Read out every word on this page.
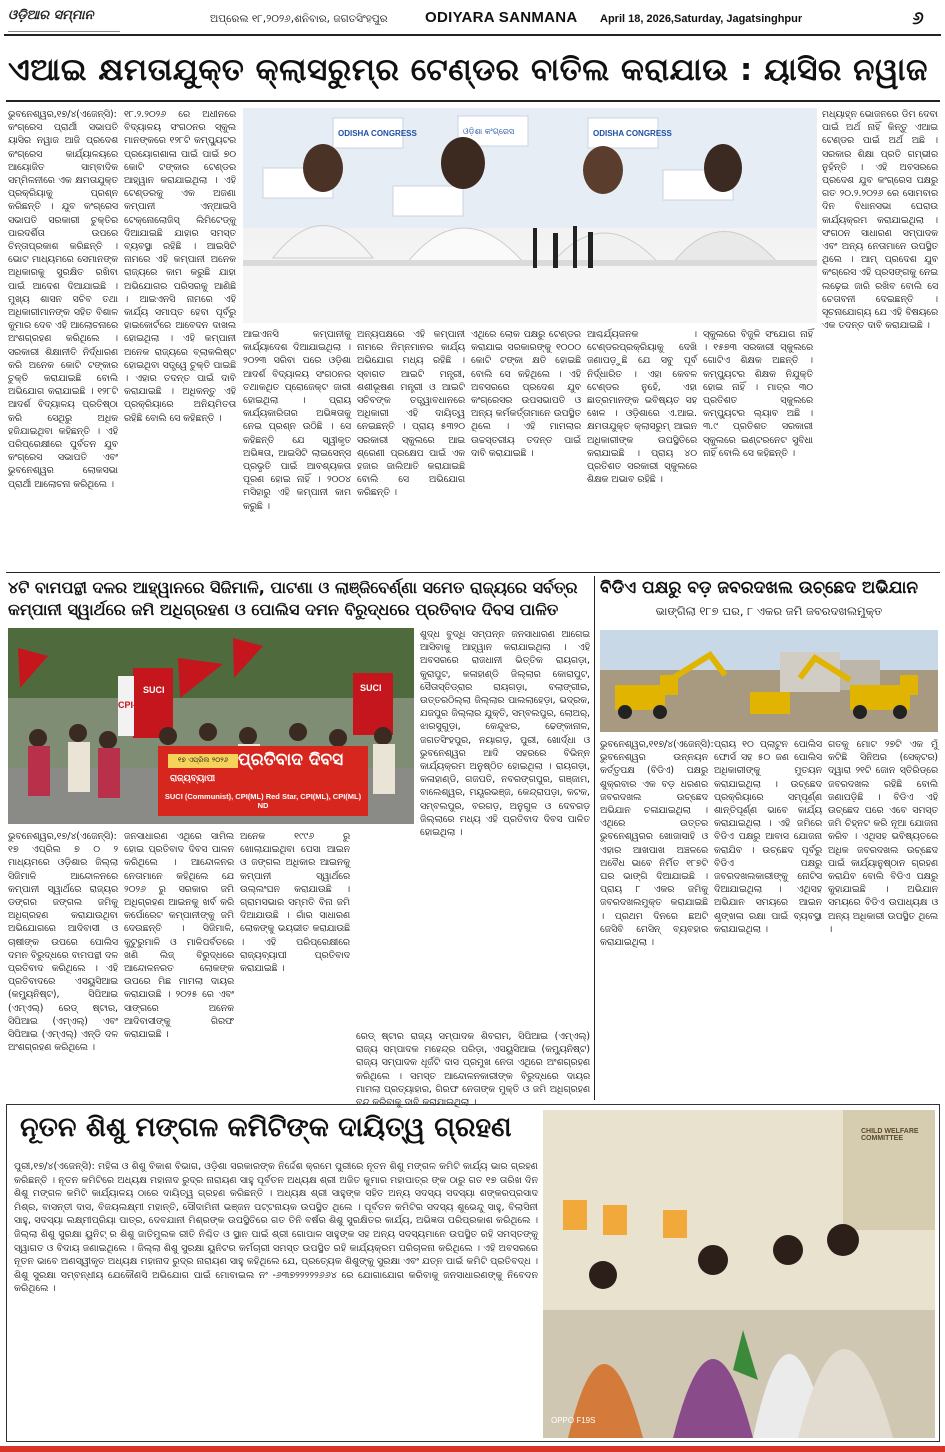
ଓଡ଼ିଆର ସମ୍ମାନ	ଅପ୍ରେଲ ୧୮,୨୦୨୬,ଶନିବାର, ଜଗତସିଂହପୁର	ODIYARA SANMANA	April 18, 2026,Saturday, Jagatsinghpur	୬
ଏଆଇ କ୍ଷମତାଯୁକ୍ତ କ୍ଲାସରୁମ୍‌ର ଟେଣ୍ଡର ବାତିଲ କରାଯାଉ : ୟାସିର ନୱାଜ

ଭୁବନେଶ୍ୱର,୧୭/୪(ଏଜେନ୍ସି): କଂଗ୍ରେସ ପ୍ରାର୍ଥୀ ସଭାପତି ୟାସିର ନୱାଜ ଆଜି ପ୍ରଦେଶ କଂଗ୍ରେସ କାର୍ଯ୍ୟାଳୟରେ ଆୟୋଜିତ ସାମ୍ବାଦିକ ସମ୍ମିଳନୀରେ ଏକ କ୍ଷମତାଯୁକ୍ତ ପ୍ରକ୍ରିୟାକୁ ପ୍ରଶ୍ନ କରିଛନ୍ତି । ଯୁବ କଂଗ୍ରେସ ସଭାପତି ସରକାରୀ ଚୁକ୍ତିର ପାରଦର୍ଶିତା ଉପରେ ଚିନ୍ତାପ୍ରକାଶ କରିଛନ୍ତି । ଭୋଟ ମାଧ୍ୟମରେ ସେମାନଙ୍କ ଅଧିକାରକୁ ସୁରକ୍ଷିତ ରଖିବା ପାଇଁ ଆଦେଶ ଦିଆଯାଇଛି । ମୁଖ୍ୟ ଶାସନ ସଚିବ ତଥା ଅଧିକାରୀମାନଙ୍କ ସହିତ ବିଶାଳ କୁମାର ଦେବ ଏହି ଆଲୋଚନାରେ ଅଂଶଗ୍ରହଣ କରିଥିଲେ । ସରକାରୀ ଶିକ୍ଷାନୀତି ନିର୍ଦ୍ଧାରଣ କରି ଅନେକ କୋଟି ଟଙ୍କାର ଚୁକ୍ତି କରାଯାଇଛି ବୋଲି ଅଭିଯୋଗ କରାଯାଇଛି । ୧୨୮ଟି ଆଦର୍ଶ ବିଦ୍ୟାଳୟ ପ୍ରତିଷ୍ଠା କରି ସେଥିରୁ ଅଧିକ ହଜିଯାଇଥିବା କହିଛନ୍ତି । ଏହି ପରିପ୍ରେକ୍ଷୀରେ ପୁର୍ବତନ ଯୁବ କଂଗ୍ରେସ ସଭାପତି ଏବଂ ଭୁବନେଶ୍ୱର ଲୋକସଭା ପ୍ରାର୍ଥୀ ଆଲୋଚନା କରିଥିଲେ ।

୧୮.୨.୨୦୨୬ ରେ ଅଧୀନରେ ବିଦ୍ୟାଳୟ ସଂଗଠନର ସ୍କୁଲ ମାନଙ୍କରେ ୧୨୮ଟି କମ୍ପ୍ୟୁଟର ପ୍ରୟୋଗଶାଳା ପାଇଁ ପାଇଁ ୭୦ କୋଟି ଟଙ୍କାର ଟେଣ୍ଡର ଆହ୍ୱାନ କରାଯାଇଥିଲା । ଏହି ଟେଣ୍ଡରକୁ ଏକ ଅଜଣା କମ୍ପାନୀ ଏନ୍‌ଆଇସି ଟେକ୍ନୋଲୋଜିସ୍ ଲିମିଟେଡ୍‌କୁ ଦିଆଯାଇଛି ଯାହାର ସମସ୍ତ ବ୍ୟବସ୍ଥା ରହିଛି । ଆଇସିଟି ନାମରେ ଏହି କମ୍ପାନୀ ଅନେକ ରାଜ୍ୟରେ କାମ କରୁଛି ଯାହା ଅଭିଯୋଗର ପରିସରକୁ ଆଣିଛି । ଆଇଏନସି ନାମରେ ଏହି କାର୍ଯ୍ୟ ସମାପ୍ତ ହେବା ପୂର୍ବରୁ ହାଇକୋର୍ଟରେ ଆବେଦନ ଦାଖଲ ହୋଇଥିଲା । ଏହି କମ୍ପାନୀ ଅନେକ ରାଜ୍ୟରେ ବ୍ଲାକଲିଷ୍ଟ ହୋଇଥିବା ସତ୍ତ୍ୱେ ଚୁକ୍ତି ପାଇଛି । ଏହାର ତଦନ୍ତ ପାଇଁ ଦାବି କରାଯାଇଛି । ଅଧିକନ୍ତୁ ଏହି ପ୍ରକ୍ରିୟାରେ ଅନିୟମିତତା ରହିଛି ବୋଲି ସେ କହିଛନ୍ତି ।

ODISHA CONGRESS	ଓଡ଼ିଶା କଂଗ୍ରେସ	ODISHA CONGRESS

ଆଇଏନସି କମ୍ପାନୀକୁ କାର୍ଯ୍ୟାଦେଶ ଦିଆଯାଇଥିଲା । ୨୦୨୩ ସରିବା ପରେ ଓଡ଼ିଶା ଆଦର୍ଶ ବିଦ୍ୟାଳୟ ସଂଗଠନର ତଥାକଥିତ ପ୍ରୋଜେକ୍ଟ ଜାରୀ ହୋଇଥିଲା । ପ୍ରାୟ କାର୍ଯ୍ୟକାରିତାର ଅଭିଜ୍ଞତାକୁ ନେଇ ପ୍ରଶ୍ନ ଉଠିଛି । ସେ କହିଛନ୍ତି ଯେ ସ୍ୱୀକୃତ ଅଭିଜ୍ଞତା, ଆଇସିଟି ଲାଇସେନ୍ସ ପ୍ରଭୃତି ପାଇଁ ଆବଶ୍ୟକତା ପୂରଣ ହୋଇ ନାହିଁ । ୨୦୦୪ ମସିହାରୁ ଏହି କମ୍ପାନୀ କାମ କରୁଛି ।

ଅନ୍ୟପକ୍ଷରେ ଏହି କମ୍ପାନୀ ନାମରେ ନିମ୍ନମାନର କାର୍ଯ୍ୟ ଅଭିଯୋଗ ମଧ୍ୟ ରହିଛି । ସ୍ବାଗତ ଆଇଟି ମନ୍ତ୍ରୀ, ଶଶୀଭୂଷଣ ମନ୍ତ୍ରୀ ଓ ଆଇଟି ସଚିବଙ୍କ ତତ୍ତ୍ୱାବଧାନରେ ଅଧିକାରୀ ଏହି ଦାୟିତ୍ୱ ନେଇଛନ୍ତି । ପ୍ରାୟ ୫୩୨୦ ସରକାରୀ ସ୍କୁଲରେ ଆଇ ଶ୍ରେଣୀ ପ୍ରକ୍ଷେପ ପାଇଁ ଏକ ହଜାର ଜାଲିଆତି କରାଯାଇଛି ବୋଲି ସେ ଅଭିଯୋଗ କରିଛନ୍ତି ।

ଏଥିରେ ଲୋକ ପକ୍ଷରୁ ଟେଣ୍ଡର କରାଯାଇ ସରକାରଙ୍କୁ ୧୦୦୦ କୋଟି ଟଙ୍କା କ୍ଷତି ହୋଇଛି ବୋଲି ସେ କହିଥିଲେ । ଏହି ଅବସରରେ ପ୍ରଦେଶ ଯୁବ କଂଗ୍ରେସର ଉପସଭାପତି ଓ ଅନ୍ୟ କର୍ମକର୍ତ୍ତାମାନେ ଉପସ୍ଥିତ ଥିଲେ । ଏହି ମାମଲାର ଉଚ୍ଚସ୍ତରୀୟ ତଦନ୍ତ ପାଇଁ ଦାବି କରାଯାଇଛି ।

ଆଶ୍ଚର୍ଯ୍ୟଜନକ । ଟେଣ୍ଡରପ୍ରକ୍ରିୟାକୁ ଦେଖି ଜଣାପଡ଼ୁଛି ଯେ ସବୁ ପୂର୍ବ ନିର୍ଦ୍ଧାରିତ । ଏହା କେବଳ ଟେଣ୍ଡର ନୁହେଁ, ଏହା ଛାତ୍ରମାନଙ୍କ ଭବିଷ୍ୟତ ସହ ଖେଳ । ଓଡ଼ିଶାରେ ଏ.ଆଇ. କ୍ଷମତାଯୁକ୍ତ କ୍ଲାସରୁମ୍ ଆଇନ ଅଧିକାରୀଙ୍କ ଉପସ୍ଥିତିରେ କରାଯାଇଛି । ପ୍ରାୟ ୪୦ ପ୍ରତିଶତ ସରକାରୀ ସ୍କୁଲରେ ଶିକ୍ଷକ ଅଭାବ ରହିଛି ।

ସ୍କୁଲରେ ବିଜୁଳି ସଂଯୋଗ ନାହିଁ । ୧୫୭୩ ସରକାରୀ ସ୍କୁଲରେ ଗୋଟିଏ ଶିକ୍ଷକ ଅଛନ୍ତି । କମ୍ପ୍ୟୁଟର ଶିକ୍ଷକ ନିଯୁକ୍ତି ହୋଇ ନାହିଁ । ମାତ୍ର ୩୦ ପ୍ରତିଶତ ସ୍କୁଲରେ କମ୍ପ୍ୟୁଟର ଲ୍ୟାବ ଅଛି । ୩.୯ ପ୍ରତିଶତ ସରକାରୀ ସ୍କୁଲରେ ଇଣ୍ଟରନେଟ ସୁବିଧା ନାହିଁ ବୋଲି ସେ କହିଛନ୍ତି ।

ମଧ୍ୟାହ୍ନ ଭୋଜନରେ ଡିମ ଦେବା ପାଇଁ ଅର୍ଥ ନାହିଁ କିନ୍ତୁ ଏଆଇ ଟେଣ୍ଡର ପାଇଁ ଅର୍ଥ ଅଛି । ସରକାର ଶିକ୍ଷା ପ୍ରତି ଗମ୍ଭୀର ନୁହଁନ୍ତି । ଏହି ଅବସରରେ ପ୍ରଦେଶ ଯୁବ କଂଗ୍ରେସ ପକ୍ଷରୁ ଗତ ୨୦.୨.୨୦୨୬ ରେ ସୋମବାର ଦିନ ବିଧାନସଭା ଘେରାଉ କାର୍ଯ୍ୟକ୍ରମ କରାଯାଇଥିଲା । ସଂଗଠନ ସାଧାରଣ ସମ୍ପାଦକ ଏବଂ ଅନ୍ୟ ନେତାମାନେ ଉପସ୍ଥିତ ଥିଲେ । ଆମ୍ ପ୍ରଦେଶ ଯୁବ କଂଗ୍ରେସ ଏହି ପ୍ରସଙ୍ଗକୁ ନେଇ ଲଢ଼େଇ ଜାରି ରଖିବ ବୋଲି ସେ ଚେତାବନୀ ଦେଇଛନ୍ତି । ସୂଚନାଯୋଗ୍ୟ ଯେ ଏହି ବିଷୟରେ ଏକ ତଦନ୍ତ ଦାବି କରାଯାଇଛି ।

୪ଟି ବାମପନ୍ଥୀ ଦଳର ଆହ୍ୱାନରେ ସିଜିମାଳି, ପାଟଣା ଓ ଲାଞ୍ଜିବେର୍ଣ୍ଣା ସମେତ ରାଜ୍ୟରେ ସର୍ବତ୍ର
କମ୍ପାନୀ ସ୍ୱାର୍ଥରେ ଜମି ଅଧିଗ୍ରହଣ ଓ ପୋଲିସ ଦମନ ବିରୁଦ୍ଧରେ ପ୍ରତିବାଦ ଦିବସ ପାଳିତ
SUCI
CPI-ML
SUCI
୧୭ ଏପ୍ରିଲ ୨୦୨୬ ପ୍ରତିବାଦ ଦିବସ
ରାଜ୍ୟବ୍ୟାପୀ
SUCI (Communist), CPI(ML) Red Star, CPI(ML), CPI(ML) ND

ଶୁଦ୍ଧ ବୁଦ୍ଧି ସମ୍ପନ୍ନ ଜନସାଧାରଣ ଆଗେଇ ଆସିବାକୁ ଆହ୍ୱାନ କରାଯାଇଥିଲା । ଏହି ଅବସରରେ ରାଜଧାନୀ ଭିତ୍ତିକ ରାୟଗଡ଼ା, କୁରାପୁଟ, କଳାହାଣ୍ଡି ଜିଲ୍ଲାର କୋରାପୁଟ, ସୈତାସ୍ତିଡ୍ରାର ରାୟଗଡ଼ା, ବଲାଙ୍ଗୀର, ଉତ୍ତରଠିଲ୍ଲା ଜିଲ୍ଲାର ପାଲଲାହେଡ଼ା, ଭଦ୍ରକ, ଯଜପୁର ଜିଲ୍ଲାର ଯୁକ୍ତି, ସମ୍ବଲପୁର, ଲୋଅର୍, ଝାରସୁଗୁଡ଼ା, କେନ୍ଦୁଝର, ଢେଙ୍କାନାଳ, ଜଗତସିଂହପୁର, ନୟାଗଡ଼, ପୁରୀ, ଖୋର୍ଦ୍ଧା ଓ ଭୁବନେଶ୍ୱର ଆଦି ସହରରେ ବିଭିନ୍ନ କାର୍ଯ୍ୟକ୍ରମ ଅନୁଷ୍ଠିତ ହୋଇଥିଲା । ରାୟଗଡ଼ା, କଳାହାଣ୍ଡି, ଗଜପତି, ନବରଙ୍ଗପୁର, ଗଞ୍ଜାମ, ବାଲେଶ୍ୱର, ମୟୂରଭଞ୍ଜ, କେନ୍ଦ୍ରାପଡ଼ା, କଟକ, ସମ୍ବଲପୁର, ବରଗଡ଼, ଅନୁଗୁଳ ଓ ଦେବଗଡ଼ ଜିଲ୍ଲାରେ ମଧ୍ୟ ଏହି ପ୍ରତିବାଦ ଦିବସ ପାଳିତ ହୋଇଥିଲା ।

ଭୁବନେଶ୍ୱର,୧୭/୪(ଏଜେନ୍ସି): ୧୭ ଏପ୍ରିଲ ୭ ୦ ୨ ମାଧ୍ୟମରେ ଓଡ଼ିଶାର ଜିଲ୍ଲା ସିଜିମାଳି ଆନ୍ଦୋଳନରେ କମ୍ପାନୀ ସ୍ୱାର୍ଥରେ ରାଜ୍ୟର ଡଙ୍ଗର ଜଙ୍ଗଲ ଜମିକୁ ଅଧିଗ୍ରହଣ କରାଯାଉଥିବା ଅଭିଯୋଗରେ ଆଦିବାସୀ ଓ ଚାଷୀଙ୍କ ଉପରେ ପୋଲିସ ଦମନ ବିରୁଦ୍ଧରେ ବାମପନ୍ଥୀ ଦଳ ପ୍ରତିବାଦ କରିଥିଲେ । ଏହି ପ୍ରତିବାଦରେ ଏସୟୁସିଆଇ (କମ୍ୟୁନିଷ୍ଟ), ସିପିଆଇ (ଏମ୍‌ଏଲ୍) ରେଡ୍ ଷ୍ଟାର, ସିପିଆଇ (ଏମ୍‌ଏଲ୍) ଏବଂ ସିପିଆଇ (ଏମ୍‌ଏଲ୍) ଏନ୍‌ଡି ଦଳ ଅଂଶଗ୍ରହଣ କରିଥିଲେ ।

ଜନସାଧାରଣ ଏଥିରେ ସାମିଲ ହୋଇ ପ୍ରତିବାଦ ଦିବସ ପାଳନ କରିଥିଲେ । ଆନ୍ଦୋଳନର ନେତାମାନେ କହିଥିଲେ ଯେ ୨୦୨୬ ରୁ ସରକାର ଜମି ଅଧିଗ୍ରହଣ ଆଇନକୁ ଖର୍ବ କରି କର୍ପୋରେଟ କମ୍ପାନୀଙ୍କୁ ଜମି ଦେଉଛନ୍ତି । ସିଜିମାଳି, କୁଟୁରୁମାଳି ଓ ମାଳିପର୍ବତରେ ଖଣି ଲିଜ୍ ବିରୁଦ୍ଧରେ ଆନ୍ଦୋଳନରତ ଲୋକଙ୍କ ଉପରେ ମିଛ ମାମଲା ଦାୟର କରାଯାଉଛି । ୨୦୨୫ ରେ ଏବଂ ସାଙ୍ଗରେ ଅନେକ ଆଦିବାସୀଙ୍କୁ ଗିରଫ କରାଯାଇଛି ।

ଅନେକ ୧୯୯୬ ରୁ ଖୋଲାଯାଇଥିବା ପେସା ଆଇନ ଓ ଜଙ୍ଗଲ ଅଧିକାର ଆଇନକୁ କମ୍ପାନୀ ସ୍ୱାର୍ଥରେ ଉଲ୍ଲଂଘନ କରାଯାଉଛି । ଗ୍ରାମସଭାର ସମ୍ମତି ବିନା ଜମି ଦିଆଯାଉଛି । ଗାଁର ସାଧାରଣ ଲୋକଙ୍କୁ ଭୟଭୀତ କରାଯାଉଛି । ଏହି ପରିପ୍ରେକ୍ଷୀରେ ରାଜ୍ୟବ୍ୟାପୀ ପ୍ରତିବାଦ କରାଯାଇଛି ।

ରେଡ୍ ଷ୍ଟାର ରାଜ୍ୟ ସମ୍ପାଦକ ଶିବରାମ, ସିପିଆଇ (ଏମ୍‌ଏଲ୍) ରାଜ୍ୟ ସମ୍ପାଦକ ମହେନ୍ଦ୍ର ପରିଡ଼ା, ଏସୟୁସିଆଇ (କମ୍ୟୁନିଷ୍ଟ) ରାଜ୍ୟ ସମ୍ପାଦକ ଧୂର୍ଜଟି ଦାସ ପ୍ରମୁଖ ନେତା ଏଥିରେ ଅଂଶଗ୍ରହଣ କରିଥିଲେ । ସମସ୍ତ ଆନ୍ଦୋଳନକାରୀଙ୍କ ବିରୁଦ୍ଧରେ ଦାୟର ମାମଲା ପ୍ରତ୍ୟାହାର, ଗିରଫ ନେତାଙ୍କ ମୁକ୍ତି ଓ ଜମି ଅଧିଗ୍ରହଣ ବନ୍ଦ କରିବାକୁ ଦାବି କରାଯାଇଥିଲା ।

ବିଡିଏ ପକ୍ଷରୁ ବଡ଼ ଜବରଦଖଲ ଉଚ୍ଛେଦ ଅଭିଯାନ
ଭାଙ୍ଗିଲା ୧୮୭ ଘର, ୮ ଏକର ଜମି ଜବରଦଖଲମୁକ୍ତ

ଭୁବନେଶ୍ୱର,୧୧୭/୪(ଏଜେନ୍ସି): ଭୁବନେଶ୍ୱର ଉନ୍ନୟନ କର୍ତ୍ତୃପକ୍ଷ (ବିଡିଏ) ପକ୍ଷରୁ ଶୁକ୍ରବାର ଏକ ବଡ଼ ଧରଣର ଜବରଦଖଲ ଉଚ୍ଛେଦ ଅଭିଯାନ ଚଳାଯାଇଥିଲା । ଏଥିରେ ଉତ୍ତର ଭୁବନେଶ୍ୱରର ଖୋଜାସାହି ଓ ଏହାର ଆଖପାଖ ଅଞ୍ଚଳରେ ଅବୈଧ ଭାବେ ନିର୍ମିତ ୧୮୭ଟି ଘର ଭାଙ୍ଗି ଦିଆଯାଇଛି । ପ୍ରାୟ ୮ ଏକର ଜମିକୁ ଜବରଦଖଲମୁକ୍ତ କରାଯାଇଛି । ପ୍ରଥମ ଦିନରେ ଛଅଟି ଜେସିବି ମେସିନ୍ ବ୍ୟବହାର କରାଯାଇଥିଲା ।

ପ୍ରାୟ ୧୦ ପ୍ଲାଟୁନ ପୋଲିସ ଫୋର୍ସ ସହ ୫୦ ଜଣ ପୋଲିସ ଅଧିକାରୀଙ୍କୁ ମୁତୟନ କରାଯାଇଥିଲା । ଉଚ୍ଛେଦ ପ୍ରକ୍ରିୟାରେ ସମ୍ପୂର୍ଣ୍ଣ ଶାନ୍ତିପୂର୍ଣ୍ଣ ଭାବେ କାର୍ଯ୍ୟ କରାଯାଇଥିଲା । ଏହି ଜମିରେ ବିଡିଏ ପକ୍ଷରୁ ଆବାସ ଯୋଜନା କରାଯିବ । ଉଚ୍ଛେଦ ପୂର୍ବରୁ ବିଡିଏ ପକ୍ଷରୁ ଜବରଦଖଲକାରୀଙ୍କୁ ନୋଟିସ ଦିଆଯାଇଥିଲା । ଏଥିସହ ଅଭିଯାନ ସମୟରେ ଆଇନ ଶୃଙ୍ଖଳା ରକ୍ଷା ପାଇଁ ବ୍ୟବସ୍ଥା କରାଯାଇଥିଲା ।

ଗତକୁ ମୋଟ ୨୭ଟି ଏକ ମୁଁ କଟିଛି ସିନିଅର (ସେକ୍ଟର) ଦ୍ୱାରା ୨୧ଟି ଜୋନ ସ୍ତିରିଡ୍ରେ ଜବରଦଖଲ ରହିଛି ବୋଲି ଜଣାପଡ଼ିଛି । ବିଡିଏ ଏହି ଉଚ୍ଛେଦ ପରେ ଏବେ ସମସ୍ତ ଜମି ଚିହ୍ନଟ କରି ନୂଆ ଯୋଜନା କରିବ । ଏଥିସହ ଭବିଷ୍ୟତରେ ଅଧିକ ଜବରଦଖଲ ଉଚ୍ଛେଦ ପାଇଁ କାର୍ଯ୍ୟାନୁଷ୍ଠାନ ଗ୍ରହଣ କରାଯିବ ବୋଲି ବିଡିଏ ପକ୍ଷରୁ କୁହାଯାଇଛି । ଅଭିଯାନ ସମୟରେ ବିଡିଏ ଉପାଧ୍ୟକ୍ଷ ଓ ଅନ୍ୟ ଅଧିକାରୀ ଉପସ୍ଥିତ ଥିଲେ ।

ନୂତନ ଶିଶୁ ମଙ୍ଗଳ କମିଟିଙ୍କ ଦାୟିତ୍ୱ ଗ୍ରହଣ

ପୁରୀ,୧୭/୪(ଏଜେନ୍ସି): ମହିଳା ଓ ଶିଶୁ ବିକାଶ ବିଭାଗ, ଓଡ଼ିଶା ସରକାରଙ୍କ ନିର୍ଦ୍ଦେଶ କ୍ରମେ ପୁରୀରେ ନୂତନ ଶିଶୁ ମଙ୍ଗଳ କମିଟି କାର୍ଯ୍ୟ ଭାର ଗ୍ରହଣ କରିଛନ୍ତି । ନୂତନ କମିଟିରେ ଅଧ୍ୟକ୍ଷ ମହାନାଦ ରୁଦ୍ର ନାରାୟଣ ସାହୁ ପୂର୍ବତନ ଅଧ୍ୟକ୍ଷ ଶ୍ରୀ ଅଜିତ କୁମାର ମହାପାତ୍ର ଙ୍କ ଠାରୁ ଗତ ୧୭ ତାରିଖ ଦିନ ଶିଶୁ ମଙ୍ଗଳ କମିଟି କାର୍ଯ୍ୟାଳୟ ଠାରେ ଦାୟିତ୍ୱ ଗ୍ରହଣ କରିଛନ୍ତି । ଅଧ୍ୟକ୍ଷ ଶ୍ରୀ ସାହୁଙ୍କ ସହିତ ଅନ୍ୟ ସଦସ୍ୟ ସଦସ୍ୟା ଶଙ୍କରପ୍ରସାଦ ମିଶ୍ର, ବାସନ୍ତୀ ଦାସ, ବିଜୟଲକ୍ଷ୍ମୀ ମହାନ୍ତି, ସୌଦାମିନୀ ଭଞ୍ଜନ ପଟ୍ଟନାୟକ ଉପସ୍ଥିତ ଥିଲେ । ପୂର୍ବତନ କମିଟିର ସଦସ୍ୟ ଶୁଭେନ୍ଦୁ ସାହୁ, ବିଲାସିନୀ ସାହୁ, ସଦସ୍ୟା ଲକ୍ଷ୍ମୀପ୍ରିୟା ପାତ୍ର, ଦେବଯାନୀ ମିଶ୍ରଙ୍କ ଉପସ୍ଥିତିରେ ଗତ ତିନି ବର୍ଷର ଶିଶୁ ସୁରକ୍ଷିତର କାର୍ଯ୍ୟ, ଅଭିଜ୍ଞତା ପରିପ୍ରକାଶ କରିଥିଲେ । ଜିଲ୍ଲା ଶିଶୁ ସୁରକ୍ଷା ୟୁନିଟ୍ ର ଶିଶୁ ଜାତିମୁଲକ ରୀତି ନିଶ୍ଚିତ ଓ ସ୍ଥାନ ପାଇଁ ଶ୍ରୀ ଗୋପାଳ ସାହୁଙ୍କ ସହ ଅନ୍ୟ ସଦସ୍ୟମାନେ ଉପସ୍ଥିତ ରହି ସମସ୍ତଙ୍କୁ ସ୍ୱାଗତ ଓ ବିଦାୟ ଜଣାଇଥିଲେ । ଜିଲ୍ଲା ଶିଶୁ ସୁରକ୍ଷା ୟୁନିଟର କର୍ମଚାରୀ ସମସ୍ତ ଉପସ୍ଥିତ ରହି କାର୍ଯ୍ୟକ୍ରମ ପରିଚାଳନା କରିଥିଲେ । ଏହି ଅବସରରେ ନୂତନ ଭାବେ ଅଣସ୍ୱୀକୃତ ଅଧ୍ୟକ୍ଷ ମହାନାଦ ରୁଦ୍ର ନାରାୟଣ ସାହୁ କହିଥିଲେ ଯେ, ପ୍ରତ୍ୟେକ ଶିଶୁଙ୍କୁ ସୁରକ୍ଷା ଏବଂ ଯତ୍ନ ପାଇଁ କମିଟି ପ୍ରତିବଦ୍ଧ । ଶିଶୁ ସୁରକ୍ଷା ସମ୍ବନ୍ଧୀୟ ଯେକୌଣସି ଅଭିଯୋଗ ପାଇଁ ମୋବାଇଲ ନଂ -୬୩୭୨୨୨୨୨୬୬୪ ରେ ଯୋଗାଯୋଗ କରିବାକୁ ଜନସାଧାରଣଙ୍କୁ ନିବେଦନ କରିଥିଲେ ।

CHILD WELFARE COMMITTEE
OPPO F19S
